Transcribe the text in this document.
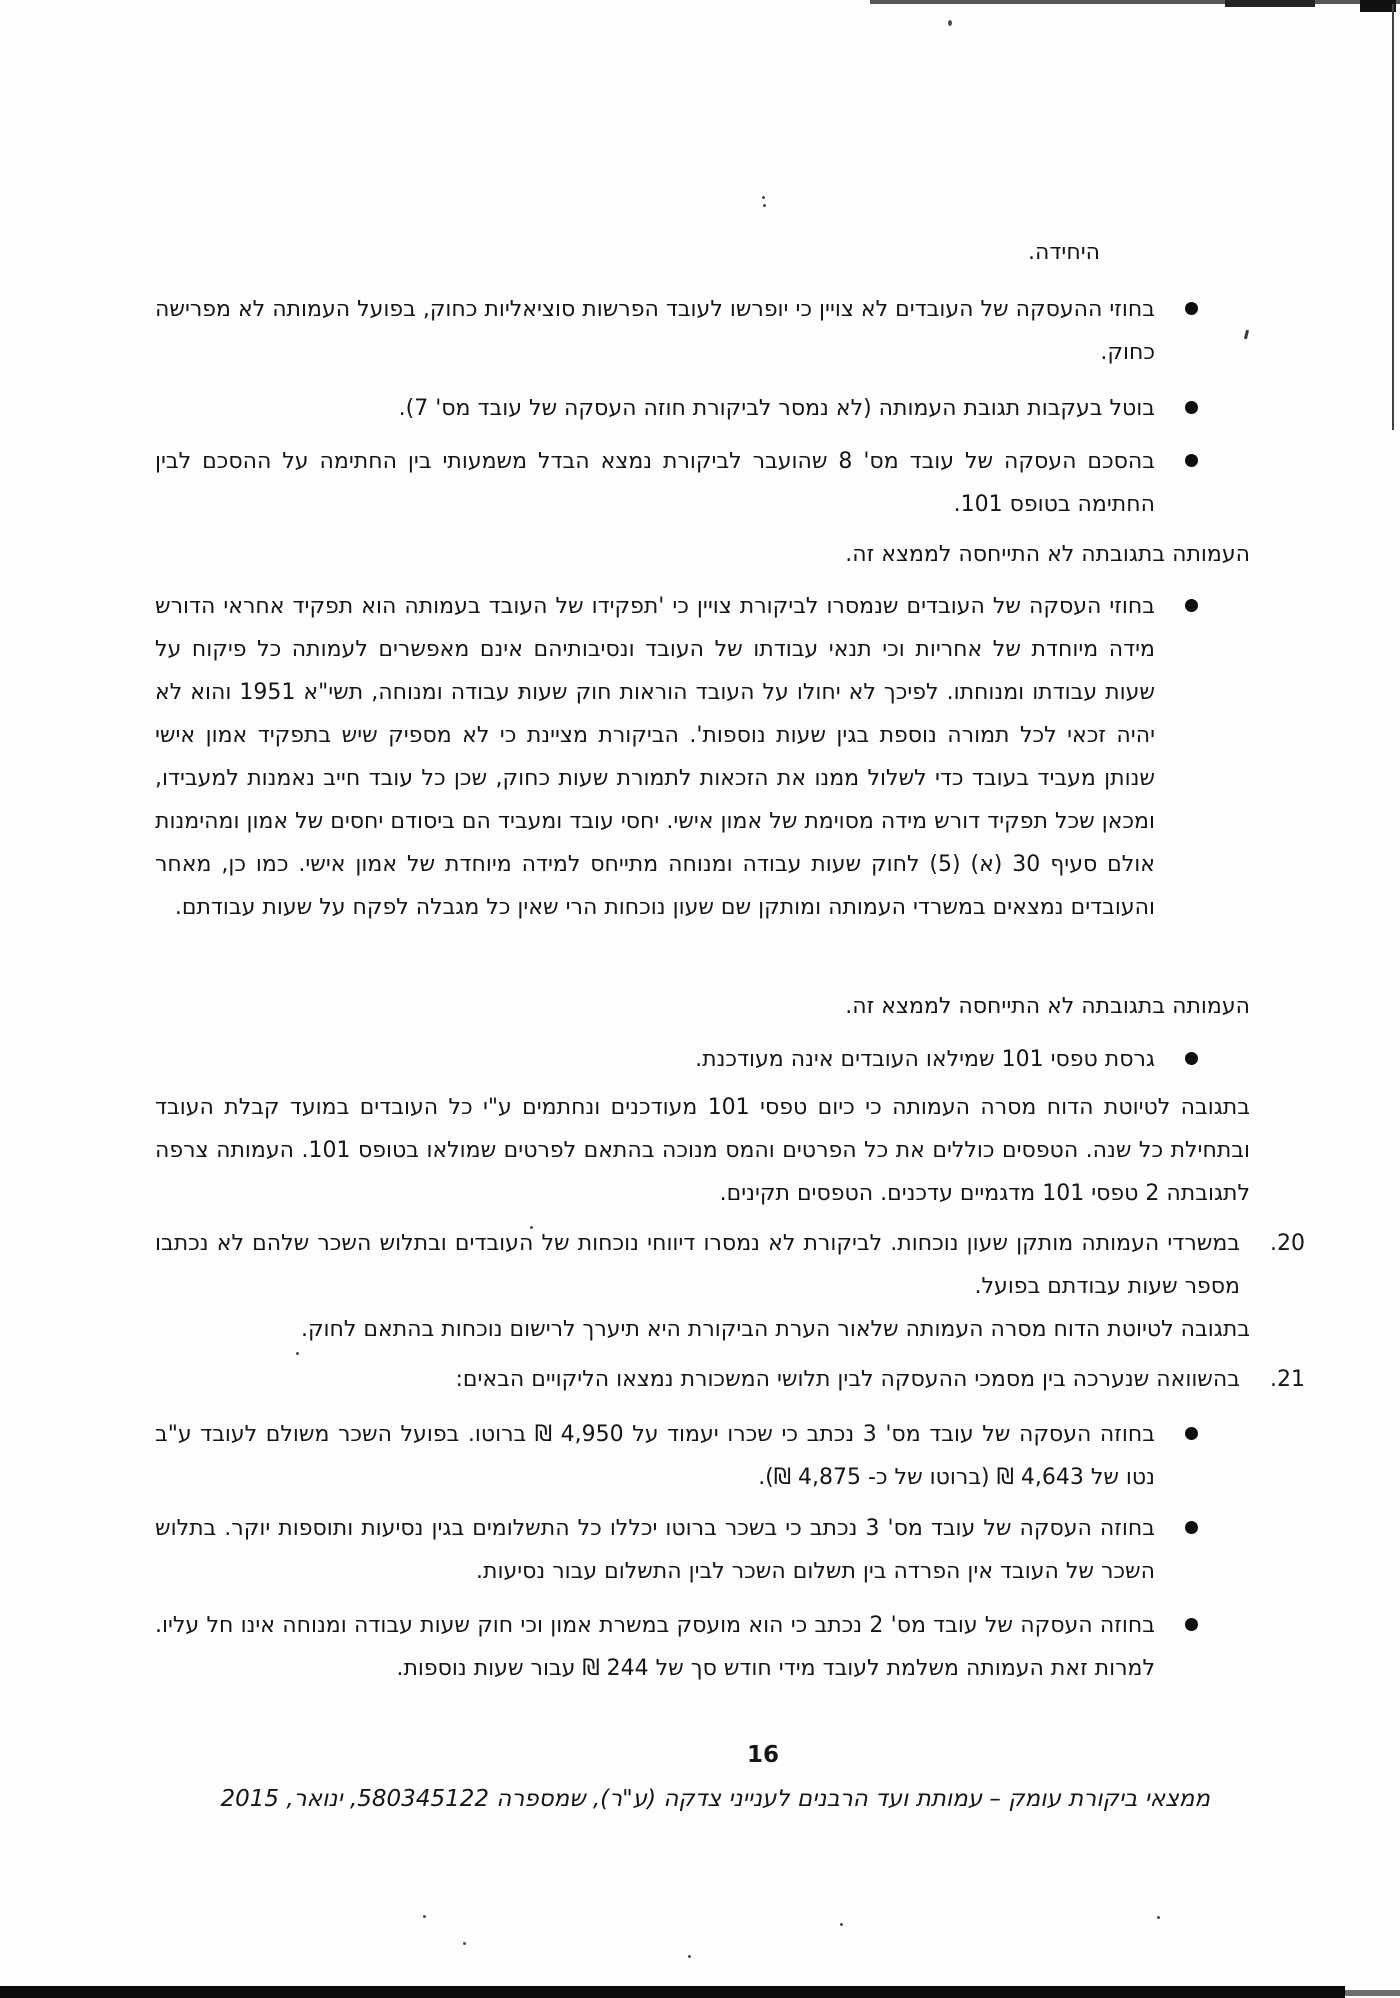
היחידה.
בחוזי ההעסקה של העובדים לא צויין כי יופרשו לעובד הפרשות סוציאליות כחוק, בפועל העמותה לא מפרישה כחוק.
בוטל בעקבות תגובת העמותה (לא נמסר לביקורת חוזה העסקה של עובד מס' 7).
בהסכם העסקה של עובד מס' 8 שהועבר לביקורת נמצא הבדל משמעותי בין החתימה על ההסכם לבין החתימה בטופס 101.
העמותה בתגובתה לא התייחסה לממצא זה.
בחוזי העסקה של העובדים שנמסרו לביקורת צויין כי 'תפקידו של העובד בעמותה הוא תפקיד אחראי הדורש מידה מיוחדת של אחריות וכי תנאי עבודתו של העובד ונסיבותיהם אינם מאפשרים לעמותה כל פיקוח על שעות עבודתו ומנוחתו. לפיכך לא יחולו על העובד הוראות חוק שעות עבודה ומנוחה, תשי"א 1951 והוא לא יהיה זכאי לכל תמורה נוספת בגין שעות נוספות'. הביקורת מציינת כי לא מספיק שיש בתפקיד אמון אישי שנותן מעביד בעובד כדי לשלול ממנו את הזכאות לתמורת שעות כחוק, שכן כל עובד חייב נאמנות למעבידו, ומכאן שכל תפקיד דורש מידה מסוימת של אמון אישי. יחסי עובד ומעביד הם ביסודם יחסים של אמון ומהימנות אולם סעיף 30 (א) (5) לחוק שעות עבודה ומנוחה מתייחס למידה מיוחדת של אמון אישי. כמו כן, מאחר והעובדים נמצאים במשרדי העמותה ומותקן שם שעון נוכחות הרי שאין כל מגבלה לפקח על שעות עבודתם.
העמותה בתגובתה לא התייחסה לממצא זה.
גרסת טפסי 101 שמילאו העובדים אינה מעודכנת.
בתגובה לטיוטת הדוח מסרה העמותה כי כיום טפסי 101 מעודכנים ונחתמים ע"י כל העובדים במועד קבלת העובד ובתחילת כל שנה. הטפסים כוללים את כל הפרטים והמס מנוכה בהתאם לפרטים שמולאו בטופס 101. העמותה צרפה לתגובתה 2 טפסי 101 מדגמיים עדכנים. הטפסים תקינים.
20.
במשרדי העמותה מותקן שעון נוכחות. לביקורת לא נמסרו דיווחי נוכחות של העובדים ובתלוש השכר שלהם לא נכתבו מספר שעות עבודתם בפועל.
בתגובה לטיוטת הדוח מסרה העמותה שלאור הערת הביקורת היא תיערך לרישום נוכחות בהתאם לחוק.
21.
בהשוואה שנערכה בין מסמכי ההעסקה לבין תלושי המשכורת נמצאו הליקויים הבאים:
בחוזה העסקה של עובד מס' 3 נכתב כי שכרו יעמוד על 4,950 ₪ ברוטו. בפועל השכר משולם לעובד ע"ב נטו של 4,643 ₪ (ברוטו של כ- 4,875 ₪).
בחוזה העסקה של עובד מס' 3 נכתב כי בשכר ברוטו יכללו כל התשלומים בגין נסיעות ותוספות יוקר. בתלוש השכר של העובד אין הפרדה בין תשלום השכר לבין התשלום עבור נסיעות.
בחוזה העסקה של עובד מס' 2 נכתב כי הוא מועסק במשרת אמון וכי חוק שעות עבודה ומנוחה אינו חל עליו. למרות זאת העמותה משלמת לעובד מידי חודש סך של 244 ₪ עבור שעות נוספות.
16
ממצאי ביקורת עומק – עמותת ועד הרבנים לענייני צדקה (ע"ר), שמספרה 580345122, ינואר, 2015
